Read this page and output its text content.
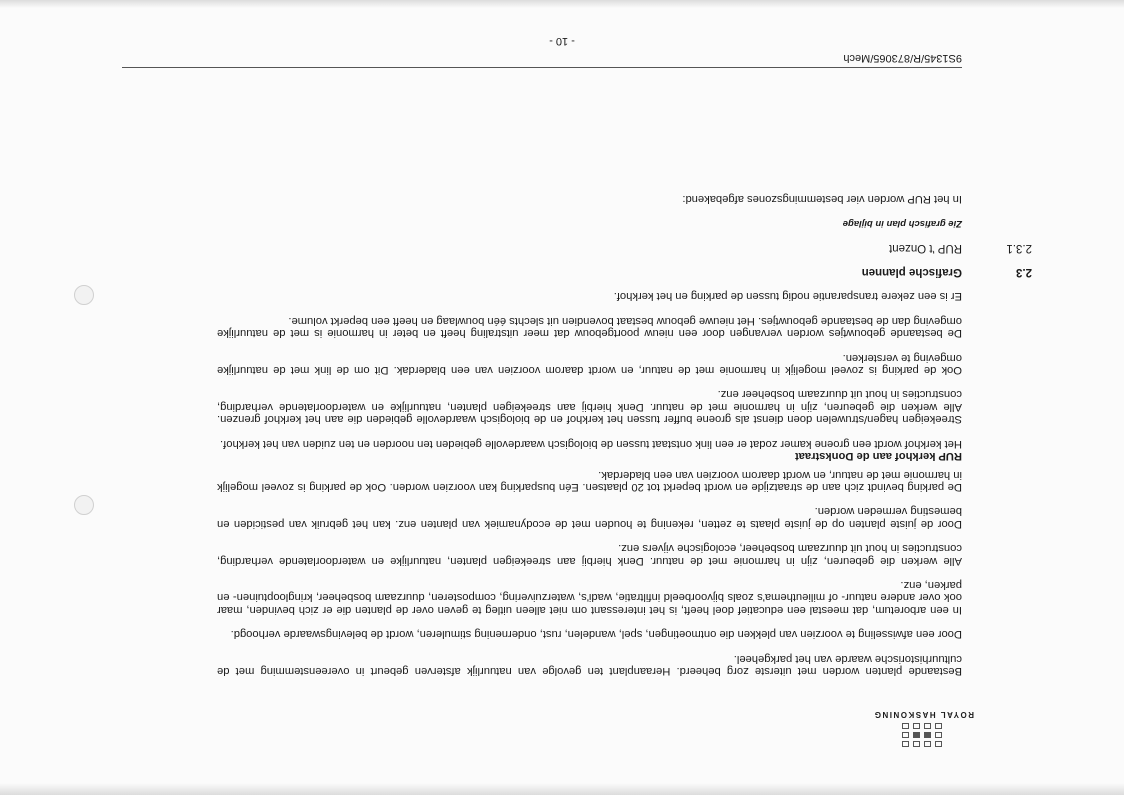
ROYAL HASKONING

Bestaande planten worden met uiterste zorg beheerd. Heraanplant ten gevolge van natuurlijk afsterven gebeurt in overeenstemming met de cultuurhistorische waarde van het parkgeheel.

Door een afwisseling te voorzien van plekken die ontmoetingen, spel, wandelen, rust, ondernening stimuleren, wordt de belevingswaarde verhoogd.

In een arboretum, dat meestal een educatief doel heeft, is het interessant om niet alleen uitleg te geven over de planten die er zich bevinden, maar ook over andere natuur- of milieuthema's zoals bijvoorbeeld infiltratie, wadi's, waterzuivering, composteren, duurzaam bosbeheer, kringlooptuinen- en parken, enz.

Alle werken die gebeuren, zijn in harmonie met de natuur. Denk hierbij aan streekeigen planten, natuurlijke en waterdoorlatende verharding, constructies in hout uit duurzaam bosbeheer, ecologische vijvers enz.

Door de juiste planten op de juiste plaats te zetten, rekening te houden met de ecodynamiek van planten enz. kan het gebruik van pesticiden en bemesting vermeden worden.

De parking bevindt zich aan de straatzijde en wordt beperkt tot 20 plaatsen. Eén busparking kan voorzien worden. Ook de parking is zoveel mogelijk in harmonie met de natuur, en wordt daarom voorzien van een bladerdak.

RUP kerkhof aan de Donkstraat

Het kerkhof wordt een groene kamer zodat er een link ontstaat tussen de biologisch waardevolle gebieden ten noorden en ten zuiden van het kerkhof.

Streekeigen hagen/struwelen doen dienst als groene buffer tussen het kerkhof en de biologisch waardevolle gebieden die aan het kerkhof grenzen. Alle werken die gebeuren, zijn in harmonie met de natuur. Denk hierbij aan streekeigen planten, natuurlijke en waterdoorlatende verharding, constructies in hout uit duurzaam bosbeheer enz.

Ook de parking is zoveel mogelijk in harmonie met de natuur, en wordt daarom voorzien van een bladerdak. Dit om de link met de natuurlijke omgeving te versterken.

De bestaande gebouwtjes worden vervangen door een nieuw poortgebouw dat meer uitstraling heeft en beter in harmonie is met de natuurlijke omgeving dan de bestaande gebouwtjes. Het nieuwe gebouw bestaat bovendien uit slechts één bouwlaag en heeft een beperkt volume.

Er is een zekere transparantie nodig tussen de parking en het kerkhof.

2.3
Grafische plannen
2.3.1
RUP 't Onzent

Zie grafisch plan in bijlage

In het RUP worden vier bestemmingszones afgebakend:

9S1345/R/873065/Mech
- 10 -
